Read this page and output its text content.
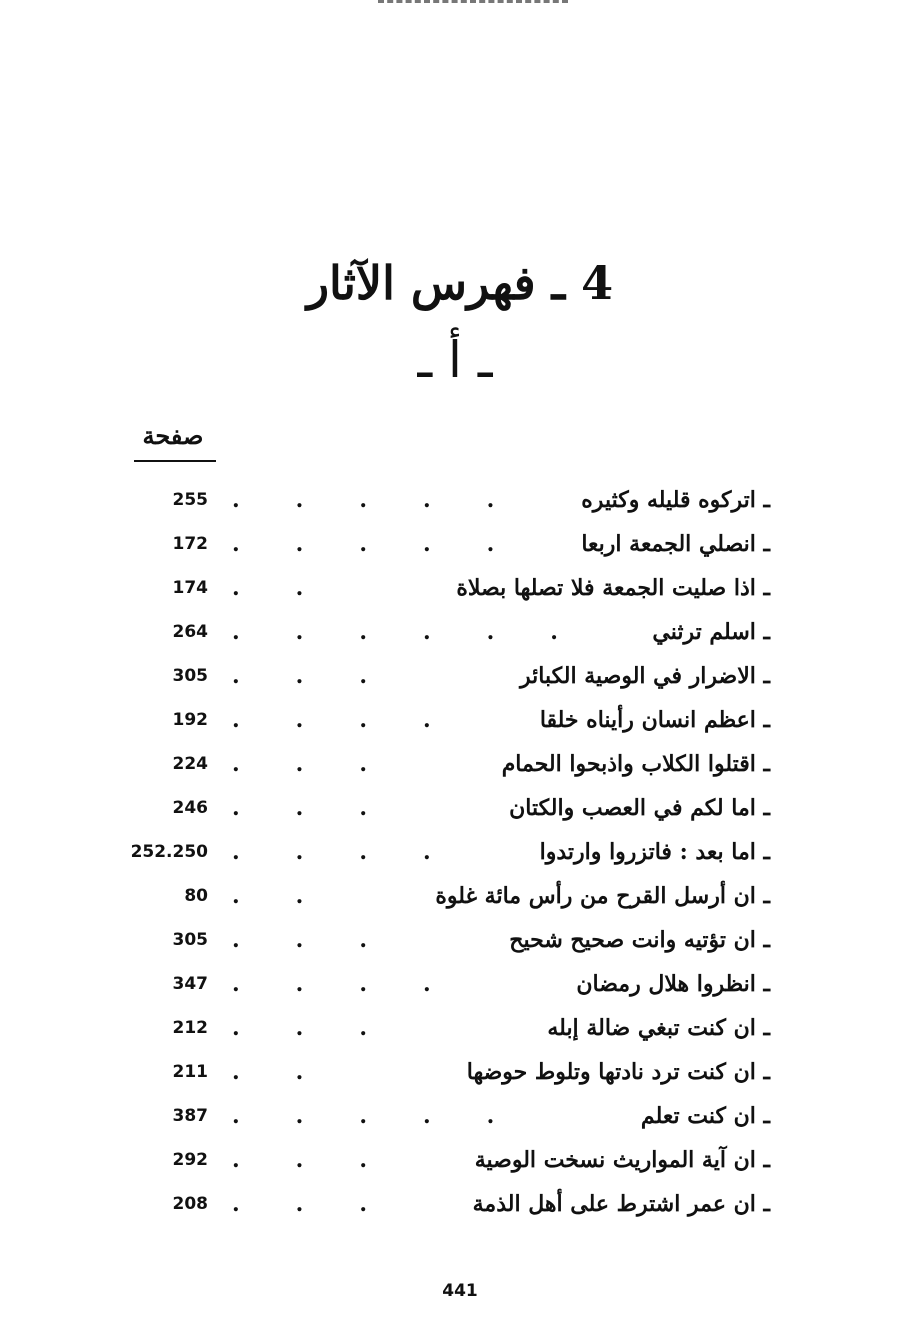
4 ـ فهرس الآثار
ـ أ ـ
صفحة
ـ اتركوه قليله وكثيره
.....
255
ـ انصلي الجمعة اربعا
.....
172
ـ اذا صليت الجمعة فلا تصلها بصلاة
..
174
ـ اسلم ترثني
......
264
ـ الاضرار في الوصية الكبائر
...
305
ـ اعظم انسان رأيناه خلقا
....
192
ـ اقتلوا الكلاب واذبحوا الحمام
...
224
ـ اما لكم في العصب والكتان
...
246
ـ اما بعد : فاتزروا وارتدوا
....
252.250
ـ ان أرسل القرح من رأس مائة غلوة
..
80
ـ ان تؤتيه وانت صحيح شحيح
...
305
ـ انظروا هلال رمضان
....
347
ـ ان كنت تبغي ضالة إبله
...
212
ـ ان كنت ترد نادتها وتلوط حوضها
..
211
ـ ان كنت تعلم
.....
387
ـ ان آية المواريث نسخت الوصية
...
292
ـ ان عمر اشترط على أهل الذمة
...
208
441
